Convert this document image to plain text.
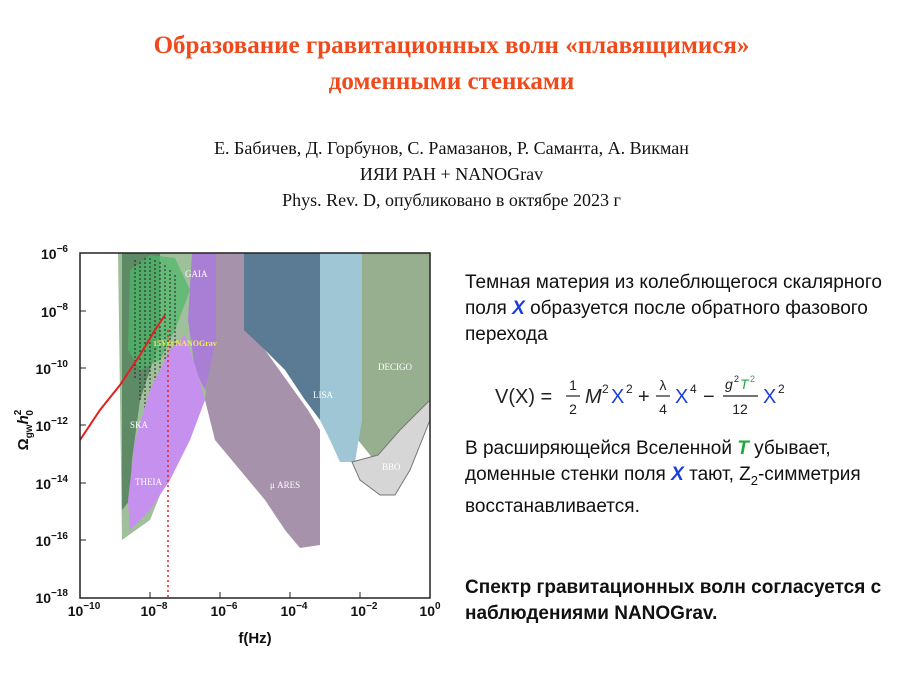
Образование гравитационных волн «плавящимися»
доменными стенками
Е. Бабичев, Д. Горбунов, С. Рамазанов, Р. Саманта, А. Викман
ИЯИ РАН + NANOGrav
Phys. Rev. D, опубликовано в октябре 2023 г
GAIA
15Yrs NANOGrav
DECIGO
LISA
SKA
BBO
THEIA	μ ARES
$10^{-6}$
$10^{-8}$
$10^{-10}$
$10^{-12}$
$10^{-14}$
$10^{-16}$
$10^{-18}$
$10^{-10}$	$10^{-8}$	$10^{-6}$	$10^{-4}$	$10^{-2}$	$10^0$
f(Hz)
$\Omega_{gw}h^20$
Темная материя из колеблющегося скалярного поля X образуется после обратного фазового перехода
V(X) =
1
2
M 2 X 2 +
λ
4
X 4 −
g 2 T 2
12
X 2
В расширяющейся Вселенной T убывает, доменные стенки поля X тают, $Z_2$-симметрия восстанавливается.
Спектр гравитационных волн согласуется с наблюдениями NANOGrav.
